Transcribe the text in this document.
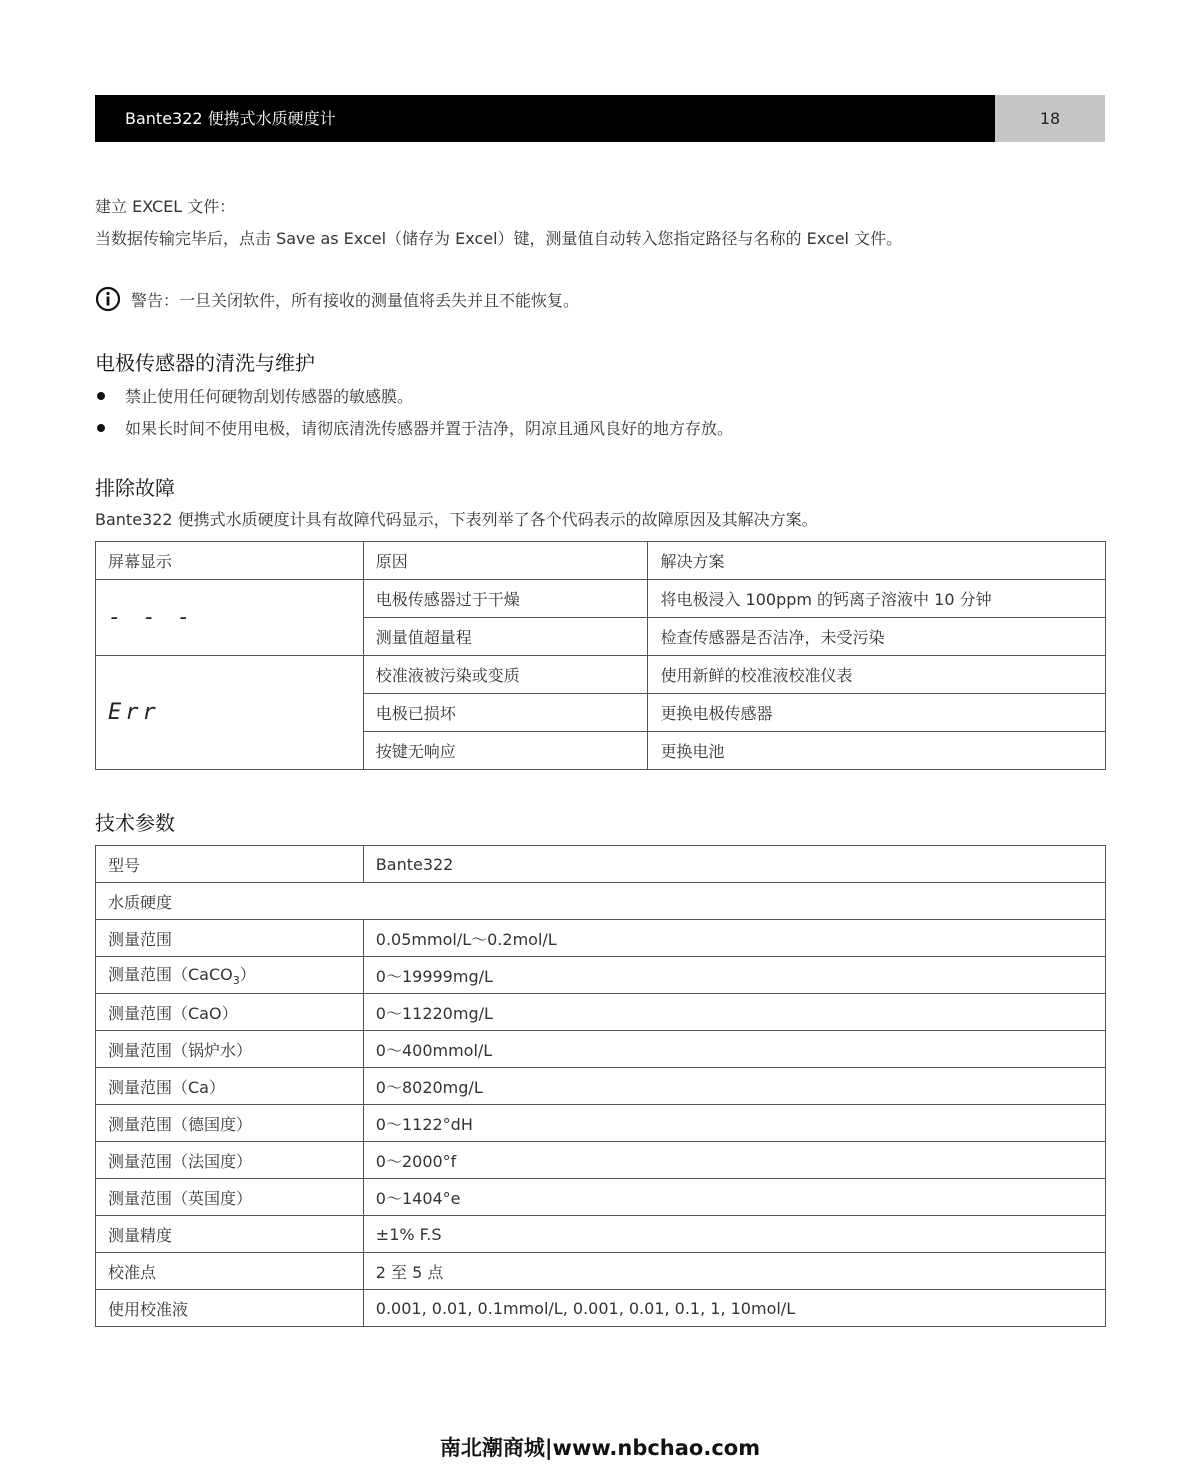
Bante322 便携式水质硬度计	18
建立 EXCEL 文件：
当数据传输完毕后，点击 Save as Excel（储存为 Excel）键，测量值自动转入您指定路径与名称的 Excel 文件。
警告：一旦关闭软件，所有接收的测量值将丢失并且不能恢复。
电极传感器的清洗与维护
禁止使用任何硬物刮划传感器的敏感膜。
如果长时间不使用电极，请彻底清洗传感器并置于洁净，阴凉且通风良好的地方存放。
排除故障
Bante322 便携式水质硬度计具有故障代码显示，下表列举了各个代码表示的故障原因及其解决方案。
屏幕显示	原因	解决方案
- - -	电极传感器过于干燥	将电极浸入 100ppm 的钙离子溶液中 10 分钟
	测量值超量程	检查传感器是否洁净，未受污染
Err	校准液被污染或变质	使用新鲜的校准液校准仪表
	电极已损坏	更换电极传感器
	按键无响应	更换电池
技术参数
型号	Bante322
水质硬度	
测量范围	0.05mmol/L～0.2mol/L
测量范围（CaCO$_3$）	0～19999mg/L
测量范围（CaO）	0～11220mg/L
测量范围（锅炉水）	0～400mmol/L
测量范围（Ca）	0～8020mg/L
测量范围（德国度）	0～1122°dH
测量范围（法国度）	0～2000°f
测量范围（英国度）	0～1404°e
测量精度	±1% F.S
校准点	2 至 5 点
使用校准液	0.001, 0.01, 0.1mmol/L, 0.001, 0.01, 0.1, 1, 10mol/L
南北潮商城|www.nbchao.com
